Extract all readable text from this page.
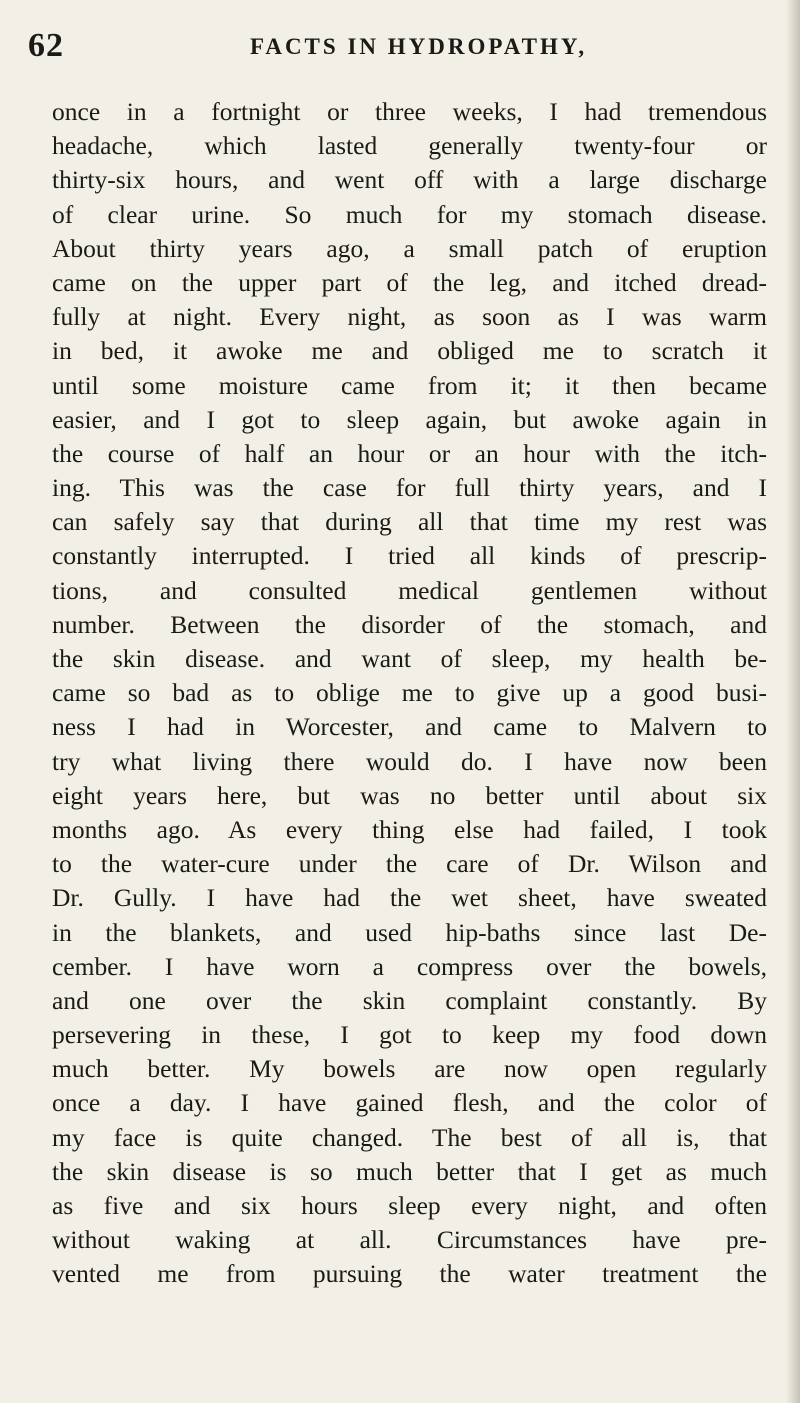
62	FACTS IN HYDROPATHY,
once in a fortnight or three weeks, I had tremendous
headache, which lasted generally twenty-four or
thirty-six hours, and went off with a large discharge
of clear urine. So much for my stomach disease.
About thirty years ago, a small patch of eruption
came on the upper part of the leg, and itched dread-
fully at night. Every night, as soon as I was warm
in bed, it awoke me and obliged me to scratch it
until some moisture came from it; it then became
easier, and I got to sleep again, but awoke again in
the course of half an hour or an hour with the itch-
ing. This was the case for full thirty years, and I
can safely say that during all that time my rest was
constantly interrupted. I tried all kinds of prescrip-
tions, and consulted medical gentlemen without
number. Between the disorder of the stomach, and
the skin disease. and want of sleep, my health be-
came so bad as to oblige me to give up a good busi-
ness I had in Worcester, and came to Malvern to
try what living there would do. I have now been
eight years here, but was no better until about six
months ago. As every thing else had failed, I took
to the water-cure under the care of Dr. Wilson and
Dr. Gully. I have had the wet sheet, have sweated
in the blankets, and used hip-baths since last De-
cember. I have worn a compress over the bowels,
and one over the skin complaint constantly. By
persevering in these, I got to keep my food down
much better. My bowels are now open regularly
once a day. I have gained flesh, and the color of
my face is quite changed. The best of all is, that
the skin disease is so much better that I get as much
as five and six hours sleep every night, and often
without waking at all. Circumstances have pre-
vented me from pursuing the water treatment the
